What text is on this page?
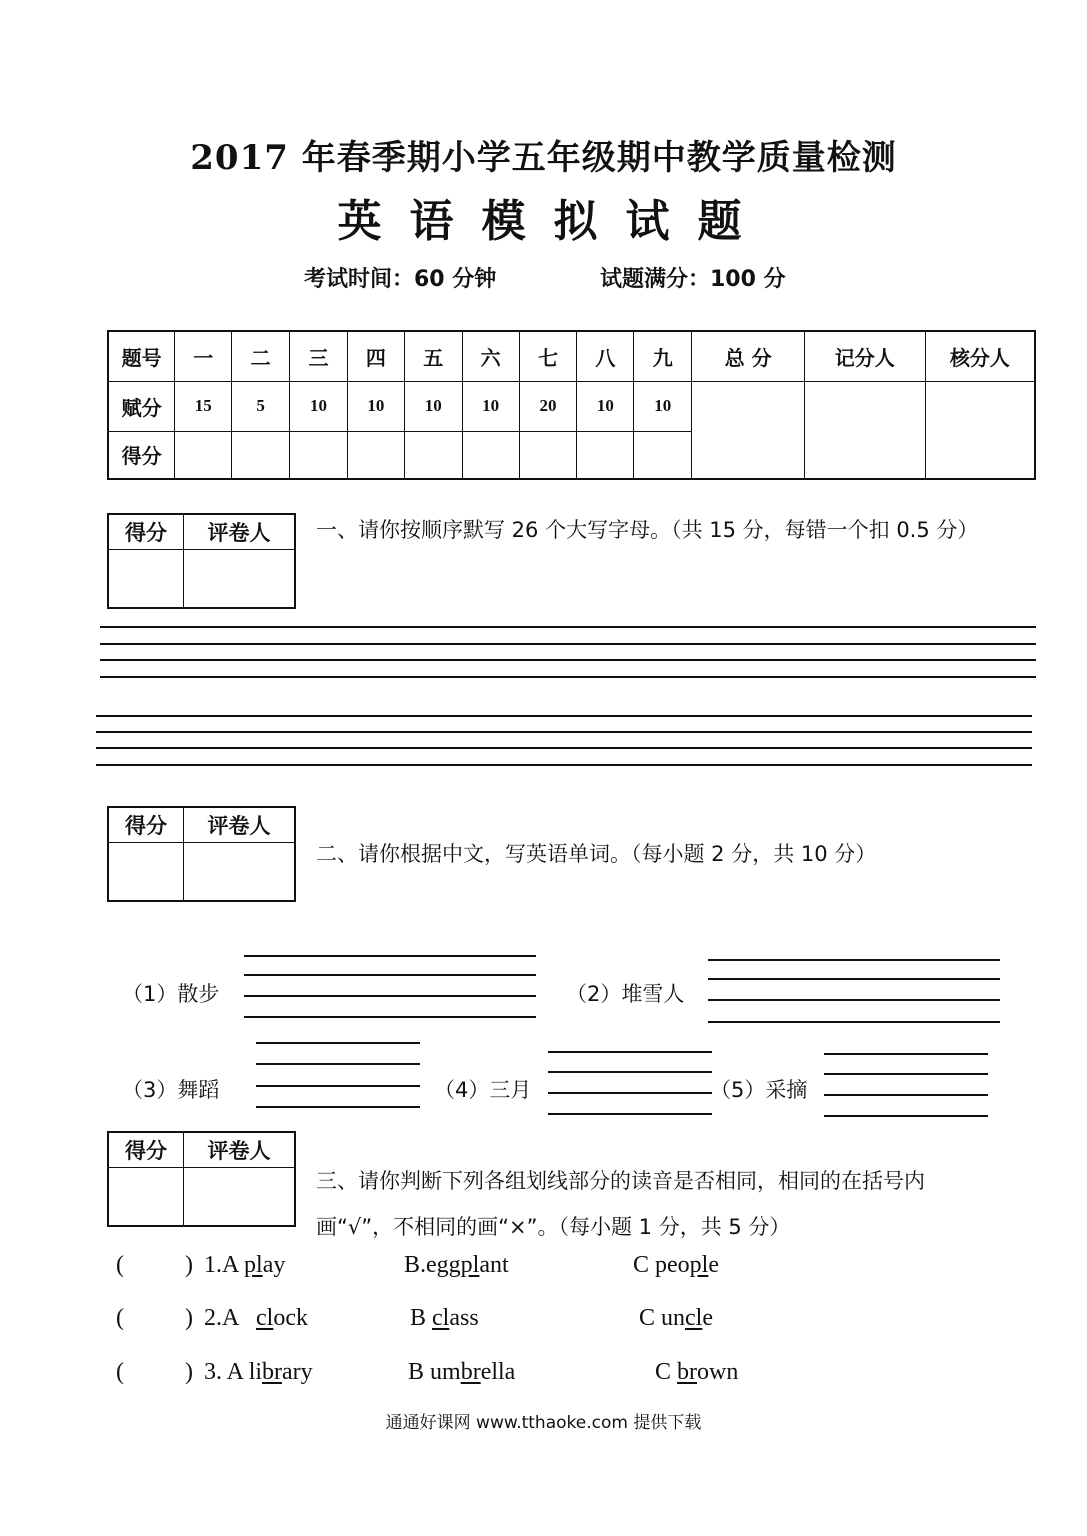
2017 年春季期小学五年级期中教学质量检测
英语模拟试题
考试时间：60 分钟	试题满分：100 分
题号	一	二	三	四	五	六	七	八	九	总 分	记分人	核分人
赋分	15	5	10	10	10	10	20	10	10			
得分												
得分	评卷人
	一、请你按顺序默写 26 个大写字母。（共 15 分，每错一个扣 0.5 分）
得分	评卷人

二、请你根据中文，写英语单词。（每小题 2 分，共 10 分）
（1）散步	（2）堆雪人
（3）舞蹈	（4）三月	（5）采摘
得分	评卷人

三、请你判断下列各组划线部分的读音是否相同，相同的在括号内画“√”，不相同的画“×”。（每小题 1 分，共 5 分）
(	) 1.A play	B.eggplant	C people
(	) 2.A clock	B class	C uncle
(	) 3. A library	B umbrella	C brown
通通好课网 www.tthaoke.com 提供下载
